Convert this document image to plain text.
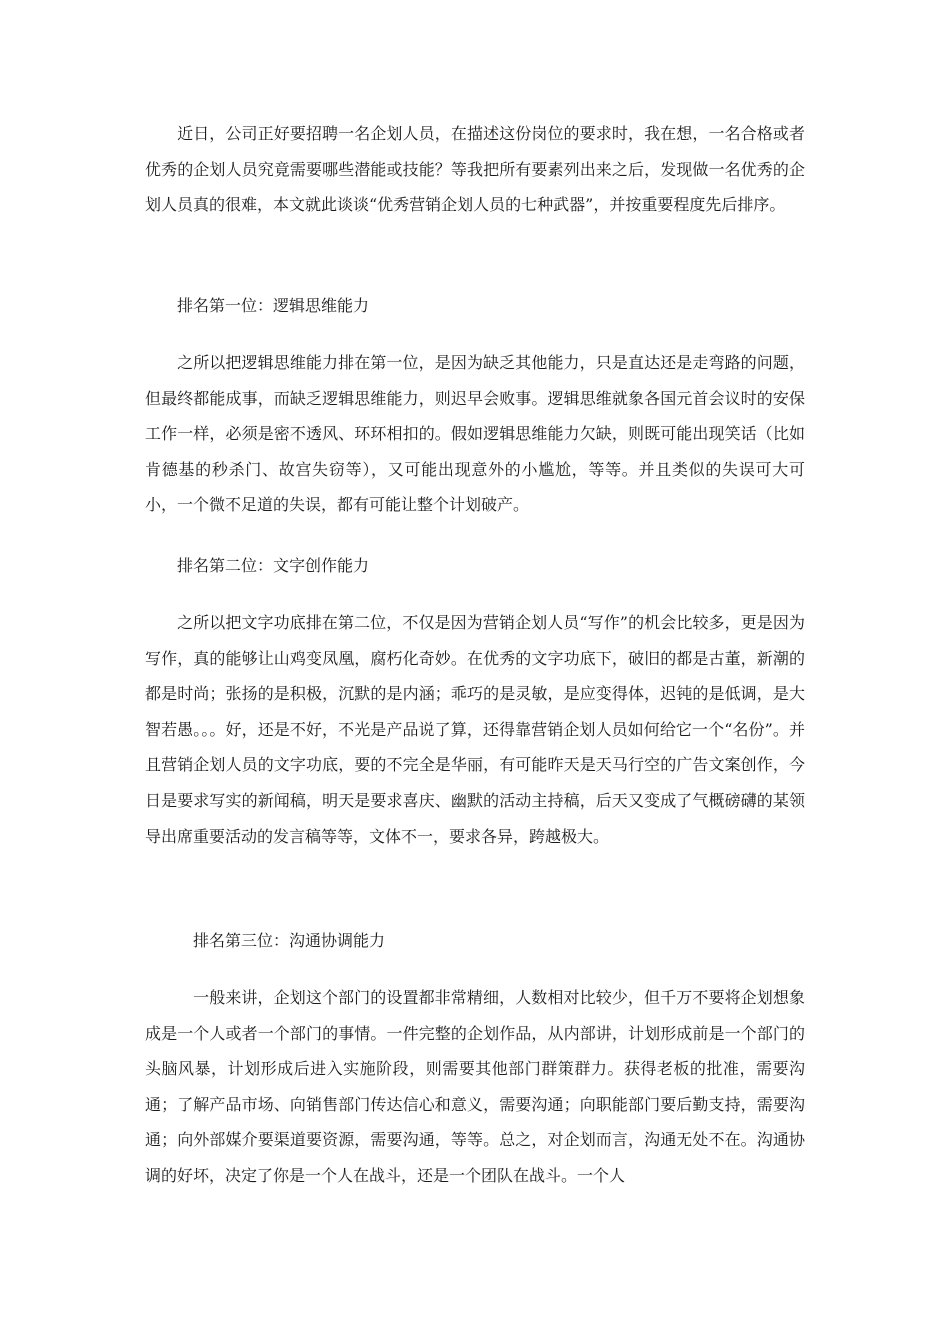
近日，公司正好要招聘一名企划人员，在描述这份岗位的要求时，我在想，一名合格或者优秀的企划人员究竟需要哪些潜能或技能？等我把所有要素列出来之后，发现做一名优秀的企划人员真的很难，本文就此谈谈“优秀营销企划人员的七种武器”，并按重要程度先后排序。

排名第一位：逻辑思维能力

之所以把逻辑思维能力排在第一位，是因为缺乏其他能力，只是直达还是走弯路的问题，但最终都能成事，而缺乏逻辑思维能力，则迟早会败事。逻辑思维就象各国元首会议时的安保工作一样，必须是密不透风、环环相扣的。假如逻辑思维能力欠缺，则既可能出现笑话（比如肯德基的秒杀门、故宫失窃等），又可能出现意外的小尴尬，等等。并且类似的失误可大可小，一个微不足道的失误，都有可能让整个计划破产。

排名第二位：文字创作能力

之所以把文字功底排在第二位，不仅是因为营销企划人员“写作”的机会比较多，更是因为写作，真的能够让山鸡变凤凰，腐朽化奇妙。在优秀的文字功底下，破旧的都是古董，新潮的都是时尚；张扬的是积极，沉默的是内涵；乖巧的是灵敏，是应变得体，迟钝的是低调，是大智若愚。。。好，还是不好，不光是产品说了算，还得靠营销企划人员如何给它一个“名份”。并且营销企划人员的文字功底，要的不完全是华丽，有可能昨天是天马行空的广告文案创作，今日是要求写实的新闻稿，明天是要求喜庆、幽默的活动主持稿，后天又变成了气概磅礴的某领导出席重要活动的发言稿等等，文体不一，要求各异，跨越极大。

排名第三位：沟通协调能力

一般来讲，企划这个部门的设置都非常精细，人数相对比较少，但千万不要将企划想象成是一个人或者一个部门的事情。一件完整的企划作品，从内部讲，计划形成前是一个部门的头脑风暴，计划形成后进入实施阶段，则需要其他部门群策群力。获得老板的批准，需要沟通；了解产品市场、向销售部门传达信心和意义，需要沟通；向职能部门要后勤支持，需要沟通；向外部媒介要渠道要资源，需要沟通，等等。总之，对企划而言，沟通无处不在。沟通协调的好坏，决定了你是一个人在战斗，还是一个团队在战斗。一个人
